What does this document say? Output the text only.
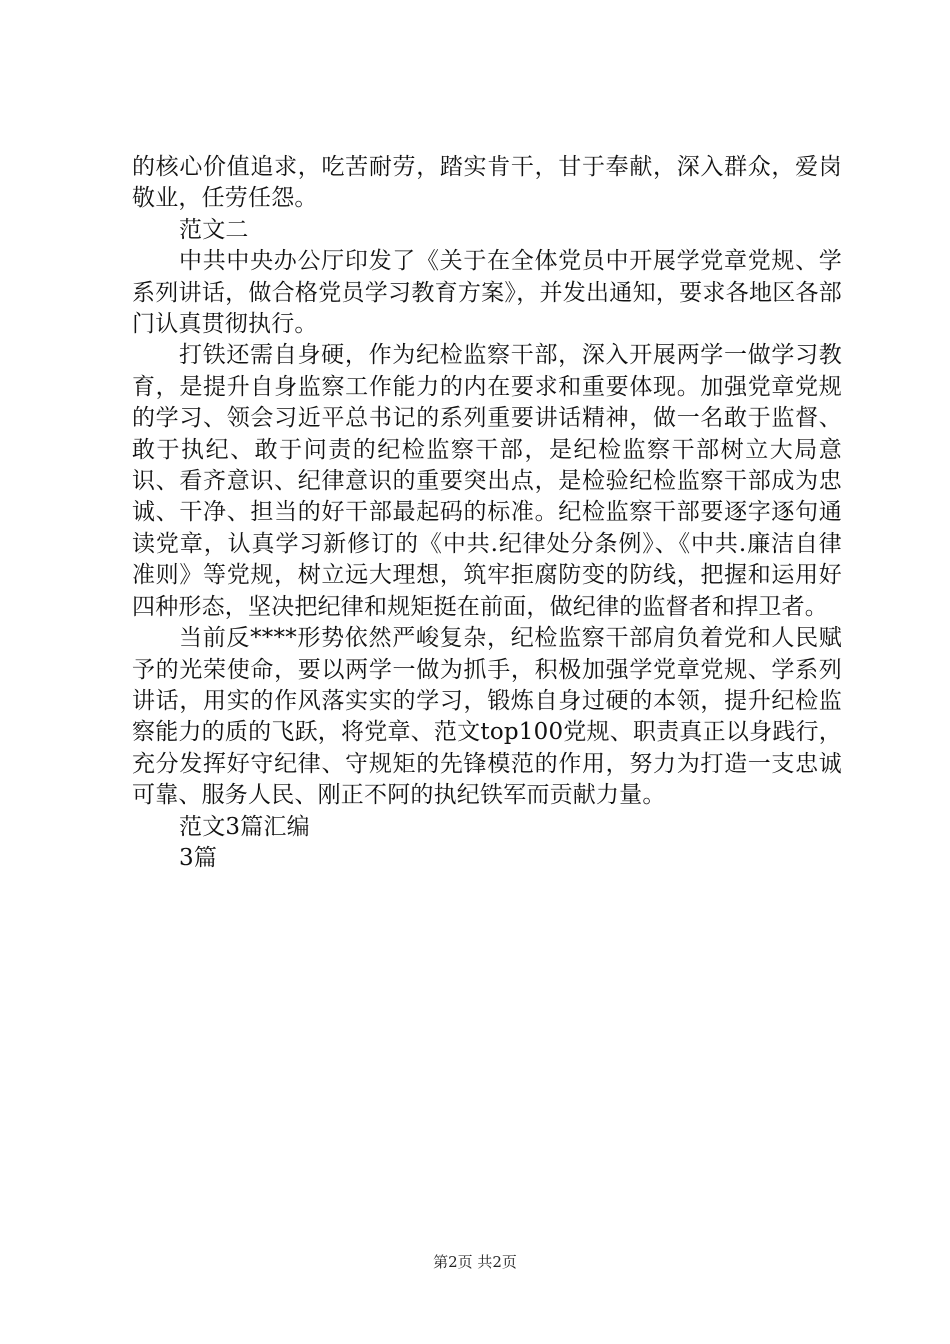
的核心价值追求，吃苦耐劳，踏实肯干，甘于奉献，深入群众，爱岗敬业，任劳任怨。

范文二

中共中央办公厅印发了《关于在全体党员中开展学党章党规、学系列讲话，做合格党员学习教育方案》，并发出通知，要求各地区各部门认真贯彻执行。

打铁还需自身硬，作为纪检监察干部，深入开展两学一做学习教育，是提升自身监察工作能力的内在要求和重要体现。加强党章党规的学习、领会习近平总书记的系列重要讲话精神，做一名敢于监督、敢于执纪、敢于问责的纪检监察干部，是纪检监察干部树立大局意识、看齐意识、纪律意识的重要突出点，是检验纪检监察干部成为忠诚、干净、担当的好干部最起码的标准。纪检监察干部要逐字逐句通读党章，认真学习新修订的《中共.纪律处分条例》、《中共.廉洁自律准则》等党规，树立远大理想，筑牢拒腐防变的防线，把握和运用好四种形态，坚决把纪律和规矩挺在前面，做纪律的监督者和捍卫者。

当前反****形势依然严峻复杂，纪检监察干部肩负着党和人民赋予的光荣使命，要以两学一做为抓手，积极加强学党章党规、学系列讲话，用实的作风落实实的学习，锻炼自身过硬的本领，提升纪检监察能力的质的飞跃，将党章、范文top100党规、职责真正以身践行，充分发挥好守纪律、守规矩的先锋模范的作用，努力为打造一支忠诚可靠、服务人民、刚正不阿的执纪铁军而贡献力量。

范文3篇汇编

3篇

第2页 共2页
